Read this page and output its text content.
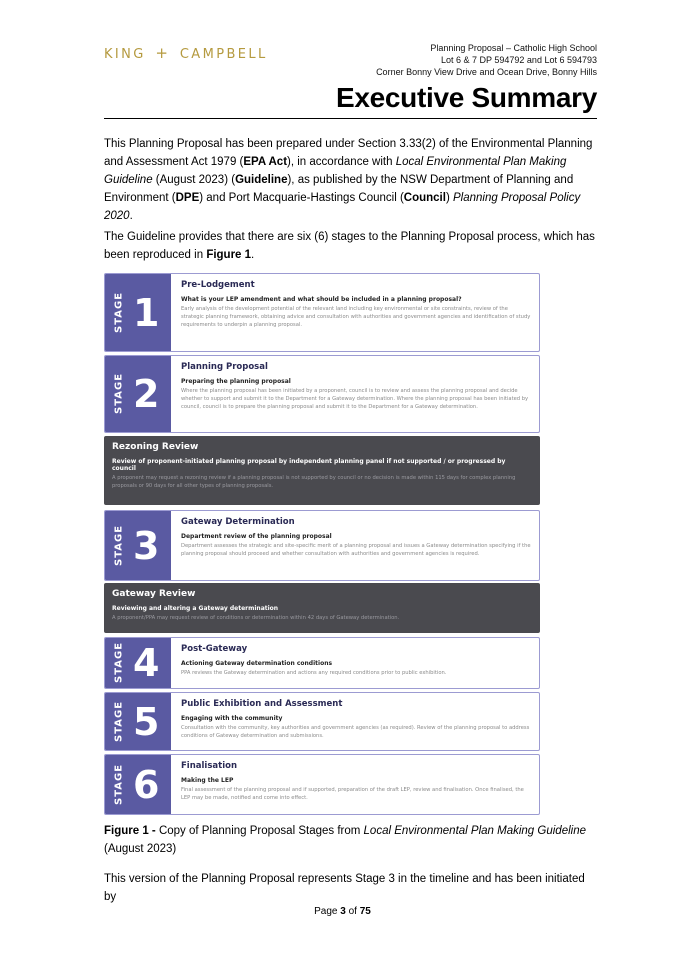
KING + CAMPBELL	Planning Proposal – Catholic High School
Lot 6 & 7 DP 594792 and Lot 6 594793
Corner Bonny View Drive and Ocean Drive, Bonny Hills
Executive Summary
This Planning Proposal has been prepared under Section 3.33(2) of the Environmental Planning and Assessment Act 1979 (EPA Act), in accordance with Local Environmental Plan Making Guideline (August 2023) (Guideline), as published by the NSW Department of Planning and Environment (DPE) and Port Macquarie-Hastings Council (Council) Planning Proposal Policy 2020.
The Guideline provides that there are six (6) stages to the Planning Proposal process, which has been reproduced in Figure 1.
STAGE 1
Pre-Lodgement
What is your LEP amendment and what should be included in a planning proposal?
Early analysis of the development potential of the relevant land including key environmental or site constraints, review of the strategic planning framework, obtaining advice and consultation with authorities and government agencies and identification of study requirements to underpin a planning proposal.
STAGE 2
Planning Proposal
Preparing the planning proposal
Where the planning proposal has been initiated by a proponent, council is to review and assess the planning proposal and decide whether to support and submit it to the Department for a Gateway determination. Where the planning proposal has been initiated by council, council is to prepare the planning proposal and submit it to the Department for a Gateway determination.
Rezoning Review
Review of proponent-initiated planning proposal by independent planning panel if not supported / or progressed by council
A proponent may request a rezoning review if a planning proposal is not supported by council or no decision is made within 115 days for complex planning proposals or 90 days for all other types of planning proposals.
STAGE 3
Gateway Determination
Department review of the planning proposal
Department assesses the strategic and site-specific merit of a planning proposal and issues a Gateway determination specifying if the planning proposal should proceed and whether consultation with authorities and government agencies is required.
Gateway Review
Reviewing and altering a Gateway determination
A proponent/PPA may request review of conditions or determination within 42 days of Gateway determination.
STAGE 4	Post-Gateway
Actioning Gateway determination conditions
PPA reviews the Gateway determination and actions any required conditions prior to public exhibition.
STAGE 5	Public Exhibition and Assessment
Engaging with the community
Consultation with the community, key authorities and government agencies (as required). Review of the planning proposal to address conditions of Gateway determination and submissions.
STAGE 6	Finalisation
Making the LEP
Final assessment of the planning proposal and if supported, preparation of the draft LEP, review and finalisation. Once finalised, the LEP may be made, notified and come into effect.
Figure 1 - Copy of Planning Proposal Stages from Local Environmental Plan Making Guideline (August 2023)
This version of the Planning Proposal represents Stage 3 in the timeline and has been initiated by
Page 3 of 75
